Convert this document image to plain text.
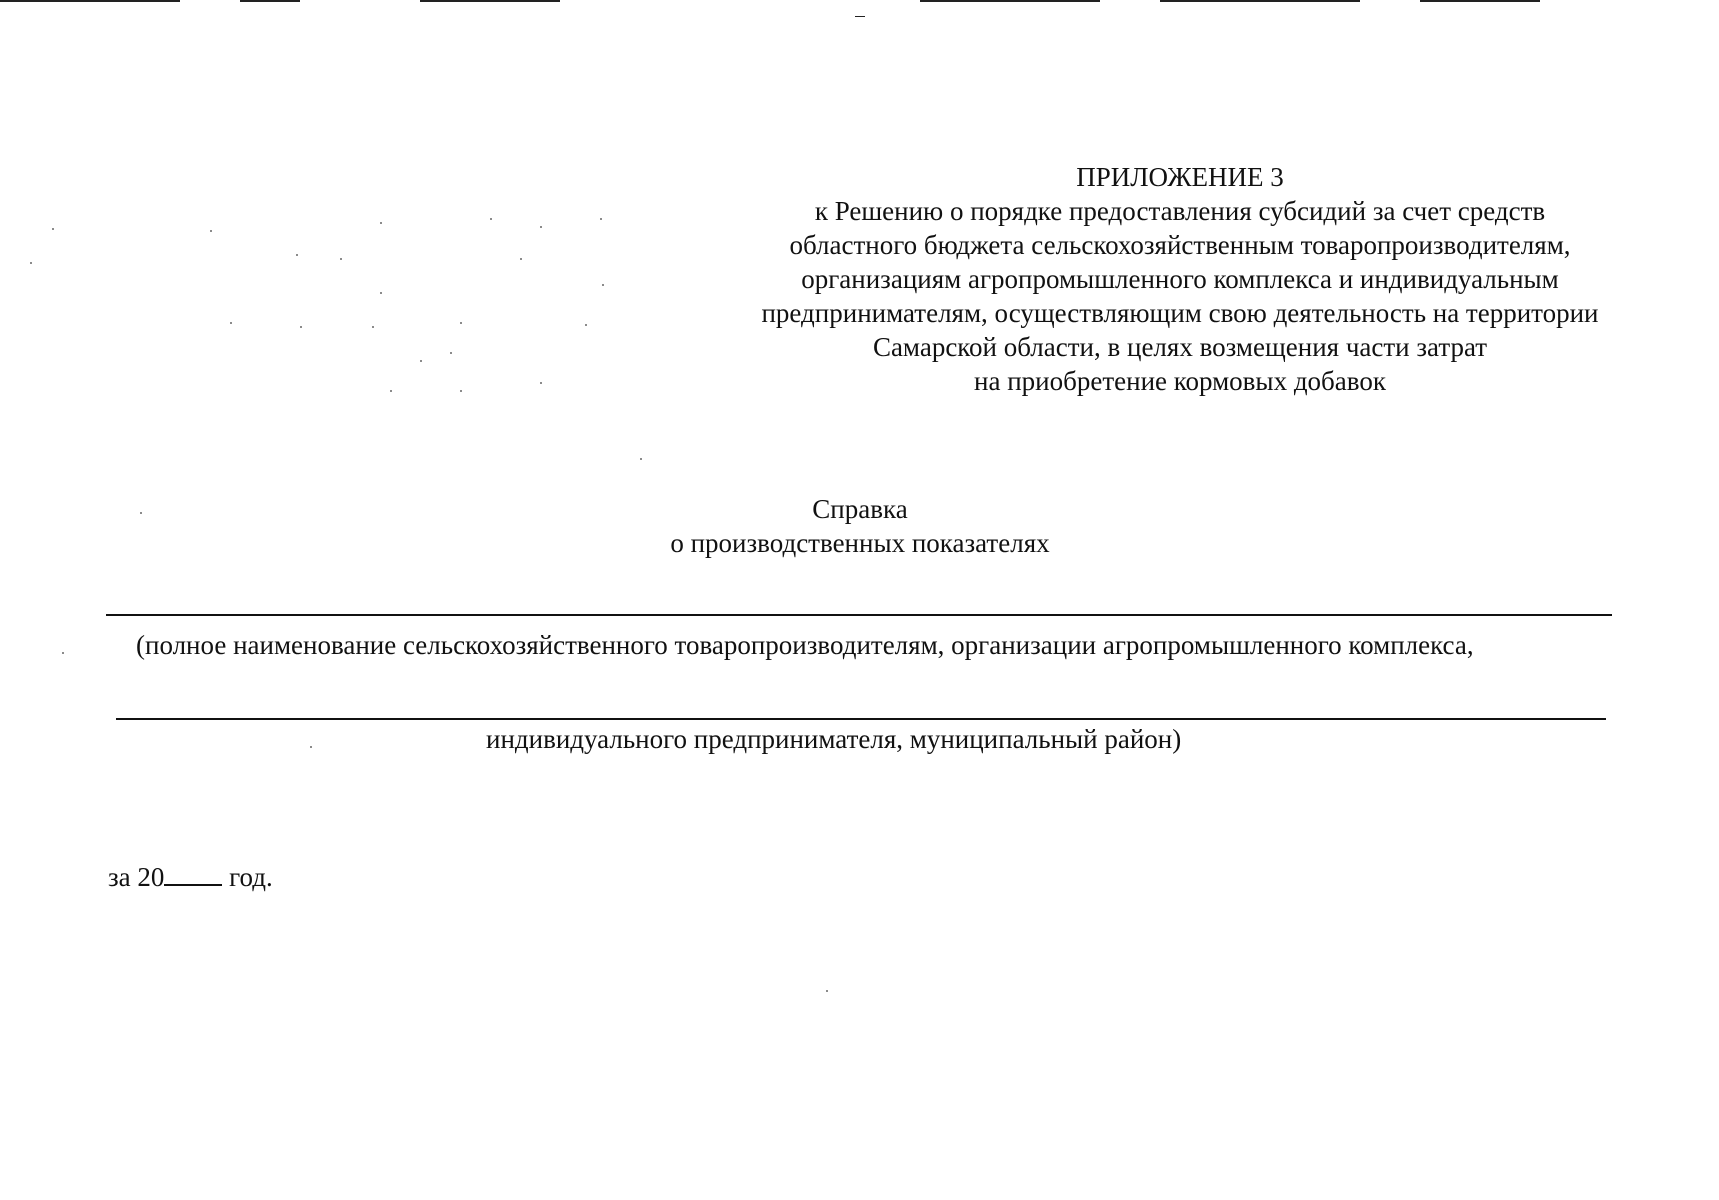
ПРИЛОЖЕНИЕ 3
к Решению о порядке предоставления субсидий за счет средств
областного бюджета сельскохозяйственным товаропроизводителям,
организациям агропромышленного комплекса и индивидуальным
предпринимателям, осуществляющим свою деятельность на территории
Самарской области, в целях возмещения части затрат
на приобретение кормовых добавок
Справка
о производственных показателях
(полное наименование сельскохозяйственного товаропроизводителям, организации агропромышленного комплекса,
индивидуального предпринимателя, муниципальный район)
за 20 год.
